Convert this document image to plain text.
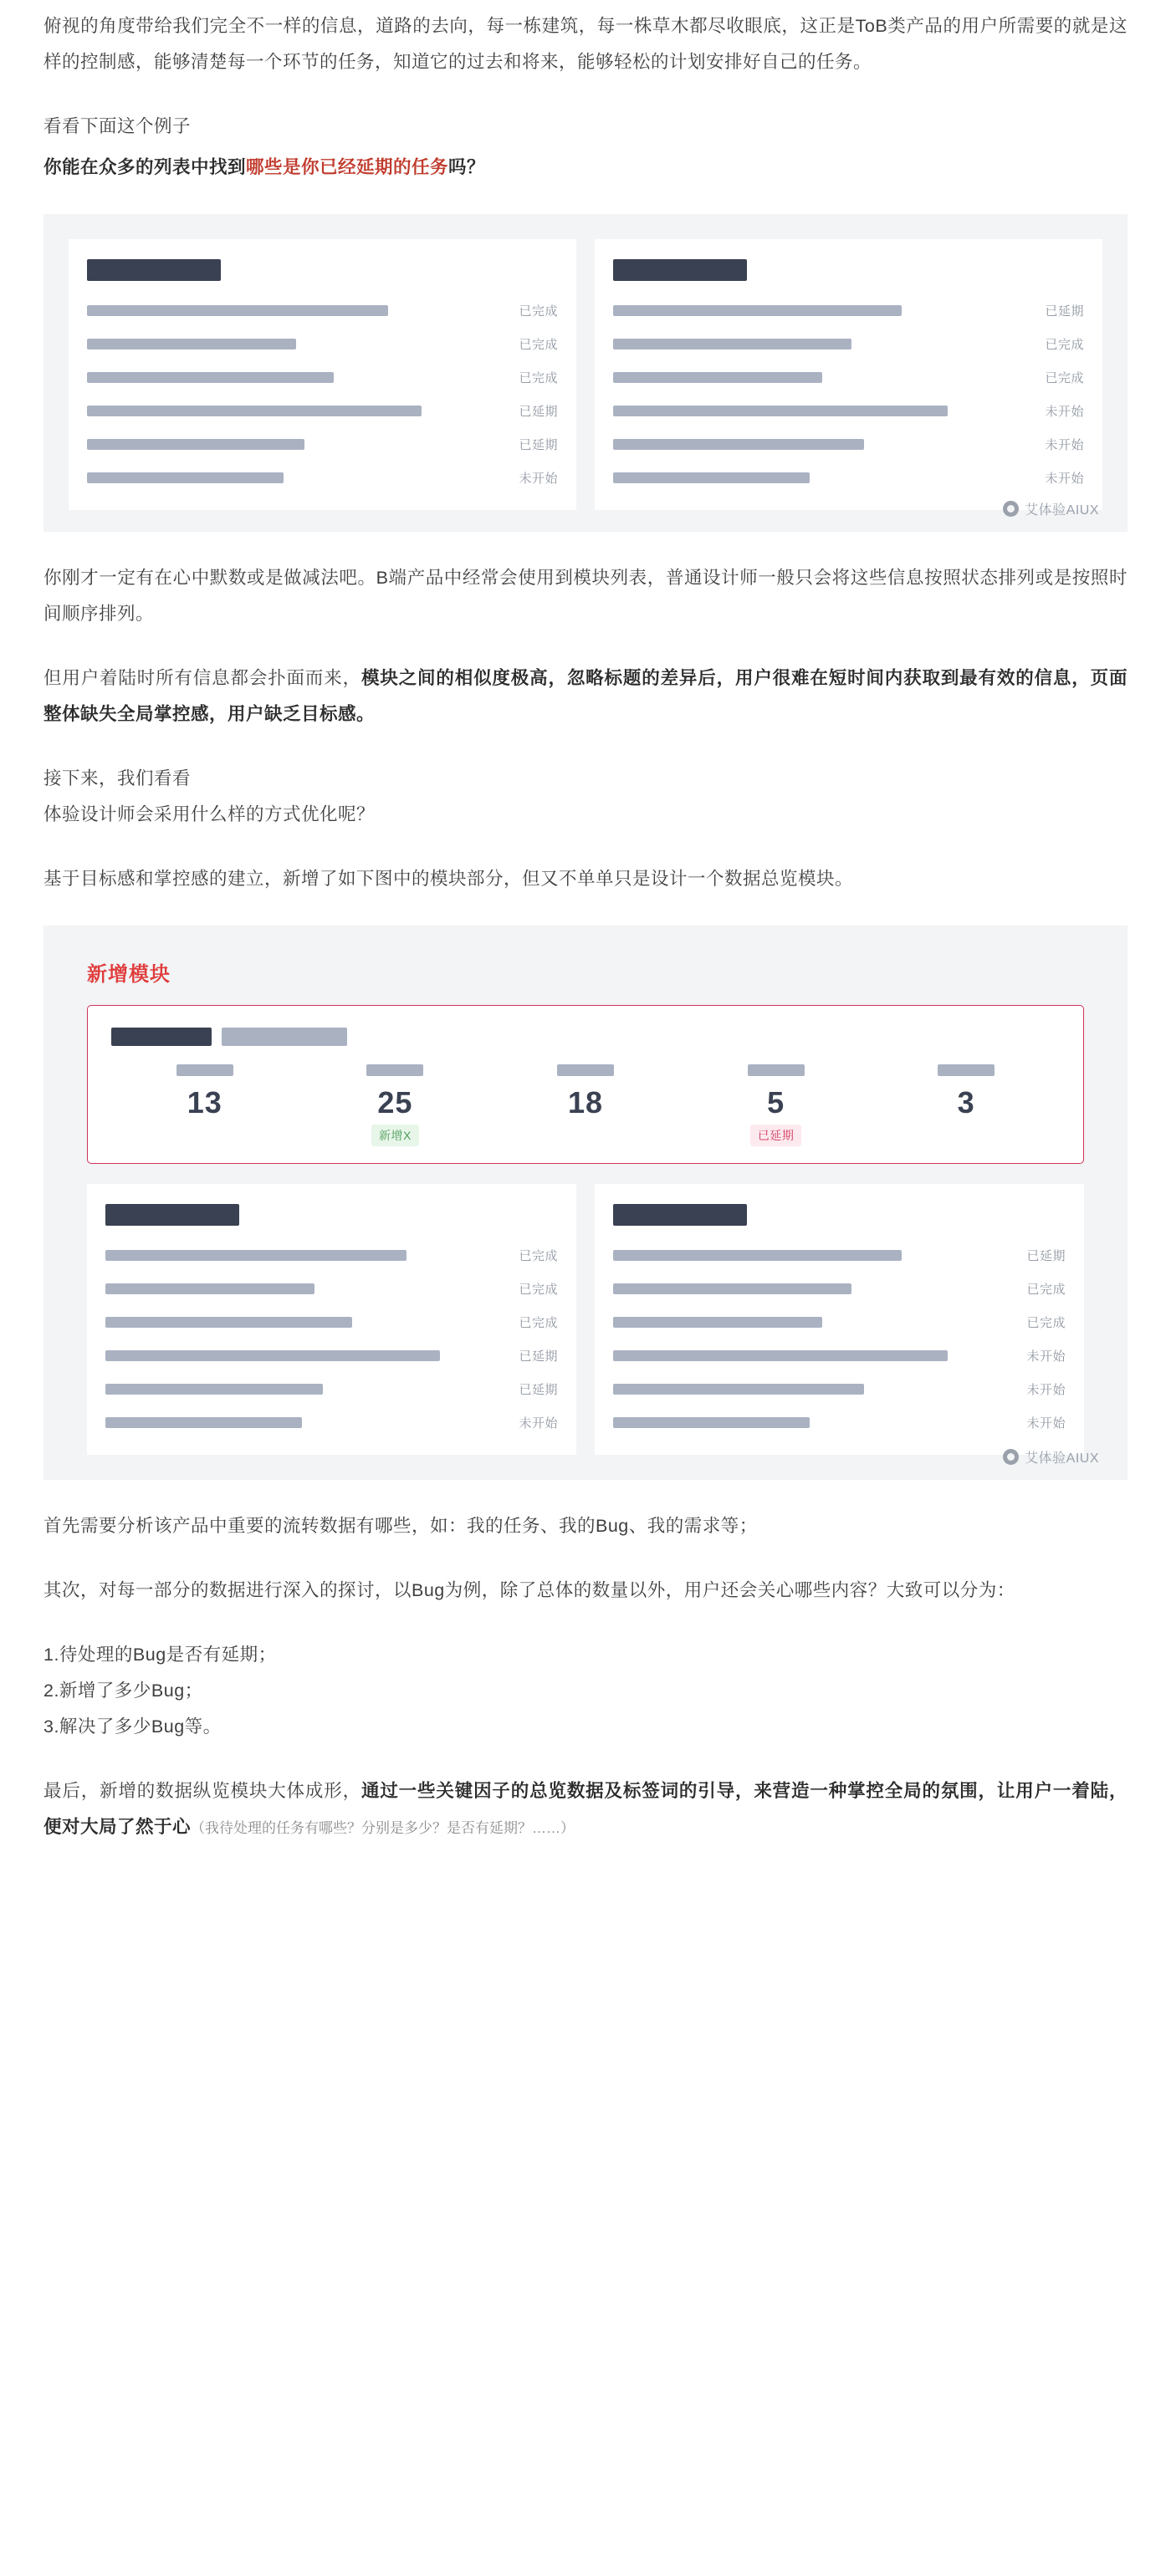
俯视的角度带给我们完全不一样的信息，道路的去向，每一栋建筑，每一株草木都尽收眼底，这正是ToB类产品的用户所需要的就是这样的控制感，能够清楚每一个环节的任务，知道它的过去和将来，能够轻松的计划安排好自己的任务。

看看下面这个例子

你能在众多的列表中找到哪些是你已经延期的任务吗？

已完成
已完成
已完成
已延期
已延期
未开始
已延期
已完成
已完成
未开始
未开始
未开始
艾体验AIUX

你刚才一定有在心中默数或是做减法吧。B端产品中经常会使用到模块列表，普通设计师一般只会将这些信息按照状态排列或是按照时间顺序排列。

但用户着陆时所有信息都会扑面而来，模块之间的相似度极高，忽略标题的差异后，用户很难在短时间内获取到最有效的信息，页面整体缺失全局掌控感，用户缺乏目标感。

接下来，我们看看

体验设计师会采用什么样的方式优化呢？

基于目标感和掌控感的建立，新增了如下图中的模块部分，但又不单单只是设计一个数据总览模块。

新增模块
13	25
新增X
18	5
已延期
3
已完成
已完成
已完成
已延期
已延期
未开始
已延期
已完成
已完成
未开始
未开始
未开始
艾体验AIUX

首先需要分析该产品中重要的流转数据有哪些，如：我的任务、我的Bug、我的需求等；

其次，对每一部分的数据进行深入的探讨，以Bug为例，除了总体的数量以外，用户还会关心哪些内容？大致可以分为：

1.待处理的Bug是否有延期；

2.新增了多少Bug；

3.解决了多少Bug等。

最后，新增的数据纵览模块大体成形，通过一些关键因子的总览数据及标签词的引导，来营造一种掌控全局的氛围，让用户一着陆，便对大局了然于心（我待处理的任务有哪些？分别是多少？是否有延期？……）
